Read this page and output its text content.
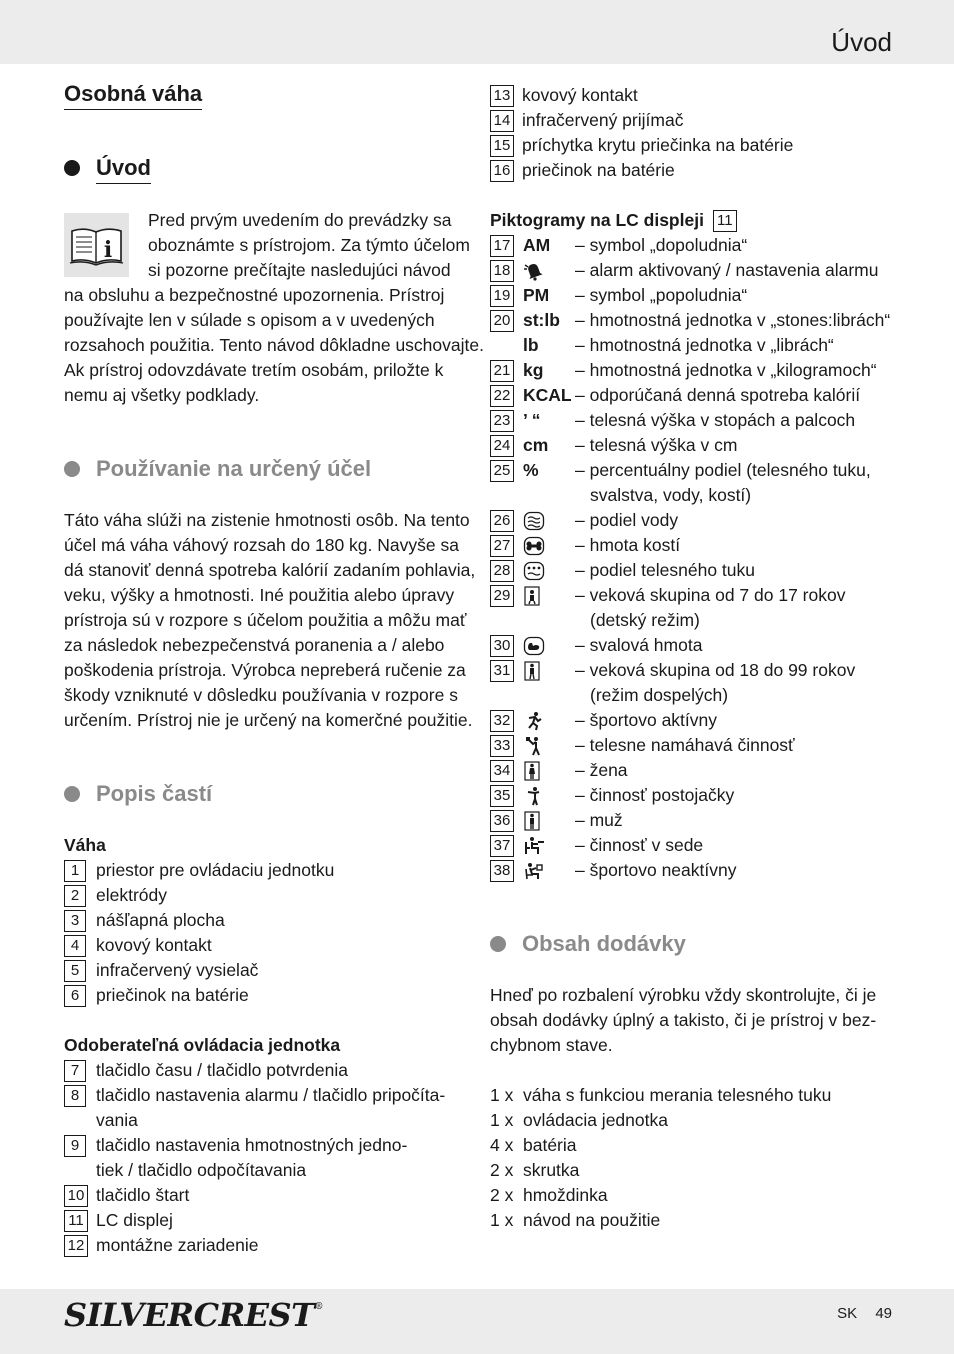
Úvod
Osobná váha
Úvod
i

Pred prvým uvedením do prevádzky sa

oboznámte s prístrojom. Za týmto účelom

si pozorne prečítajte nasledujúci návod

na obsluhu a bezpečnostné upozornenia. Prístroj

používajte len v súlade s opisom a v uvedených

rozsahoch použitia. Tento návod dôkladne uschovajte.

Ak prístroj odovzdávate tretím osobám, priložte k

nemu aj všetky podklady.

Používanie na určený účel

Táto váha slúži na zistenie hmotnosti osôb. Na tento

účel má váha váhový rozsah do 180 kg. Navyše sa

dá stanoviť denná spotreba kalórií zadaním pohlavia,

veku, výšky a hmotnosti. Iné použitia alebo úpravy

prístroja sú v rozpore s účelom použitia a môžu mať

za následok nebezpečenstvá poranenia a / alebo

poškodenia prístroja. Výrobca nepreberá ručenie za

škody vzniknuté v dôsledku používania v rozpore s

určením. Prístroj nie je určený na komerčné použitie.

Popis častí
Váha
1 priestor pre ovládaciu jednotku
2 elektródy
3 nášľapná plocha
4 kovový kontakt
5 infračervený vysielač
6 priečinok na batérie
Odoberateľná ovládacia jednotka
7 tlačidlo času / tlačidlo potvrdenia
8 tlačidlo nastavenia alarmu / tlačidlo pripočíta-
vania
9 tlačidlo nastavenia hmotnostných jedno-
tiek / tlačidlo odpočítavania
10 tlačidlo štart
11 LC displej
12 montážne zariadenie
13 kovový kontakt
14 infračervený prijímač
15 príchytka krytu priečinka na batérie
16 priečinok na batérie
Piktogramy na LC displeji 11
17 AM – symbol „dopoludnia“
18	– alarm aktivovaný / nastavenia alarmu
19 PM – symbol „popoludnia“
20 st:lb – hmotnostná jednotka v „stones:librách“
lb – hmotnostná jednotka v „librách“
21 kg – hmotnostná jednotka v „kilogramoch“
22 KCAL – odporúčaná denná spotreba kalórií
23 ’ “ – telesná výška v stopách a palcoch
24 cm – telesná výška v cm
25 % – percentuálny podiel (telesného tuku,
svalstva, vody, kostí)
26	– podiel vody
27	– hmota kostí
28	– podiel telesného tuku
29	– veková skupina od 7 do 17 rokov
(detský režim)
30	– svalová hmota
31	– veková skupina od 18 do 99 rokov
(režim dospelých)
32	– športovo aktívny
33	– telesne namáhavá činnosť
34	– žena
35	– činnosť postojačky
36	– muž
37	– činnosť v sede
38	– športovo neaktívny
Obsah dodávky

Hneď po rozbalení výrobku vždy skontrolujte, či je

obsah dodávky úplný a takisto, či je prístroj v bez-

chybnom stave.

1 x váha s funkciou merania telesného tuku
1 x ovládacia jednotka
4 x batéria
2 x skrutka
2 x hmoždinka
1 x návod na použitie
SILVERCREST®	SK 49
